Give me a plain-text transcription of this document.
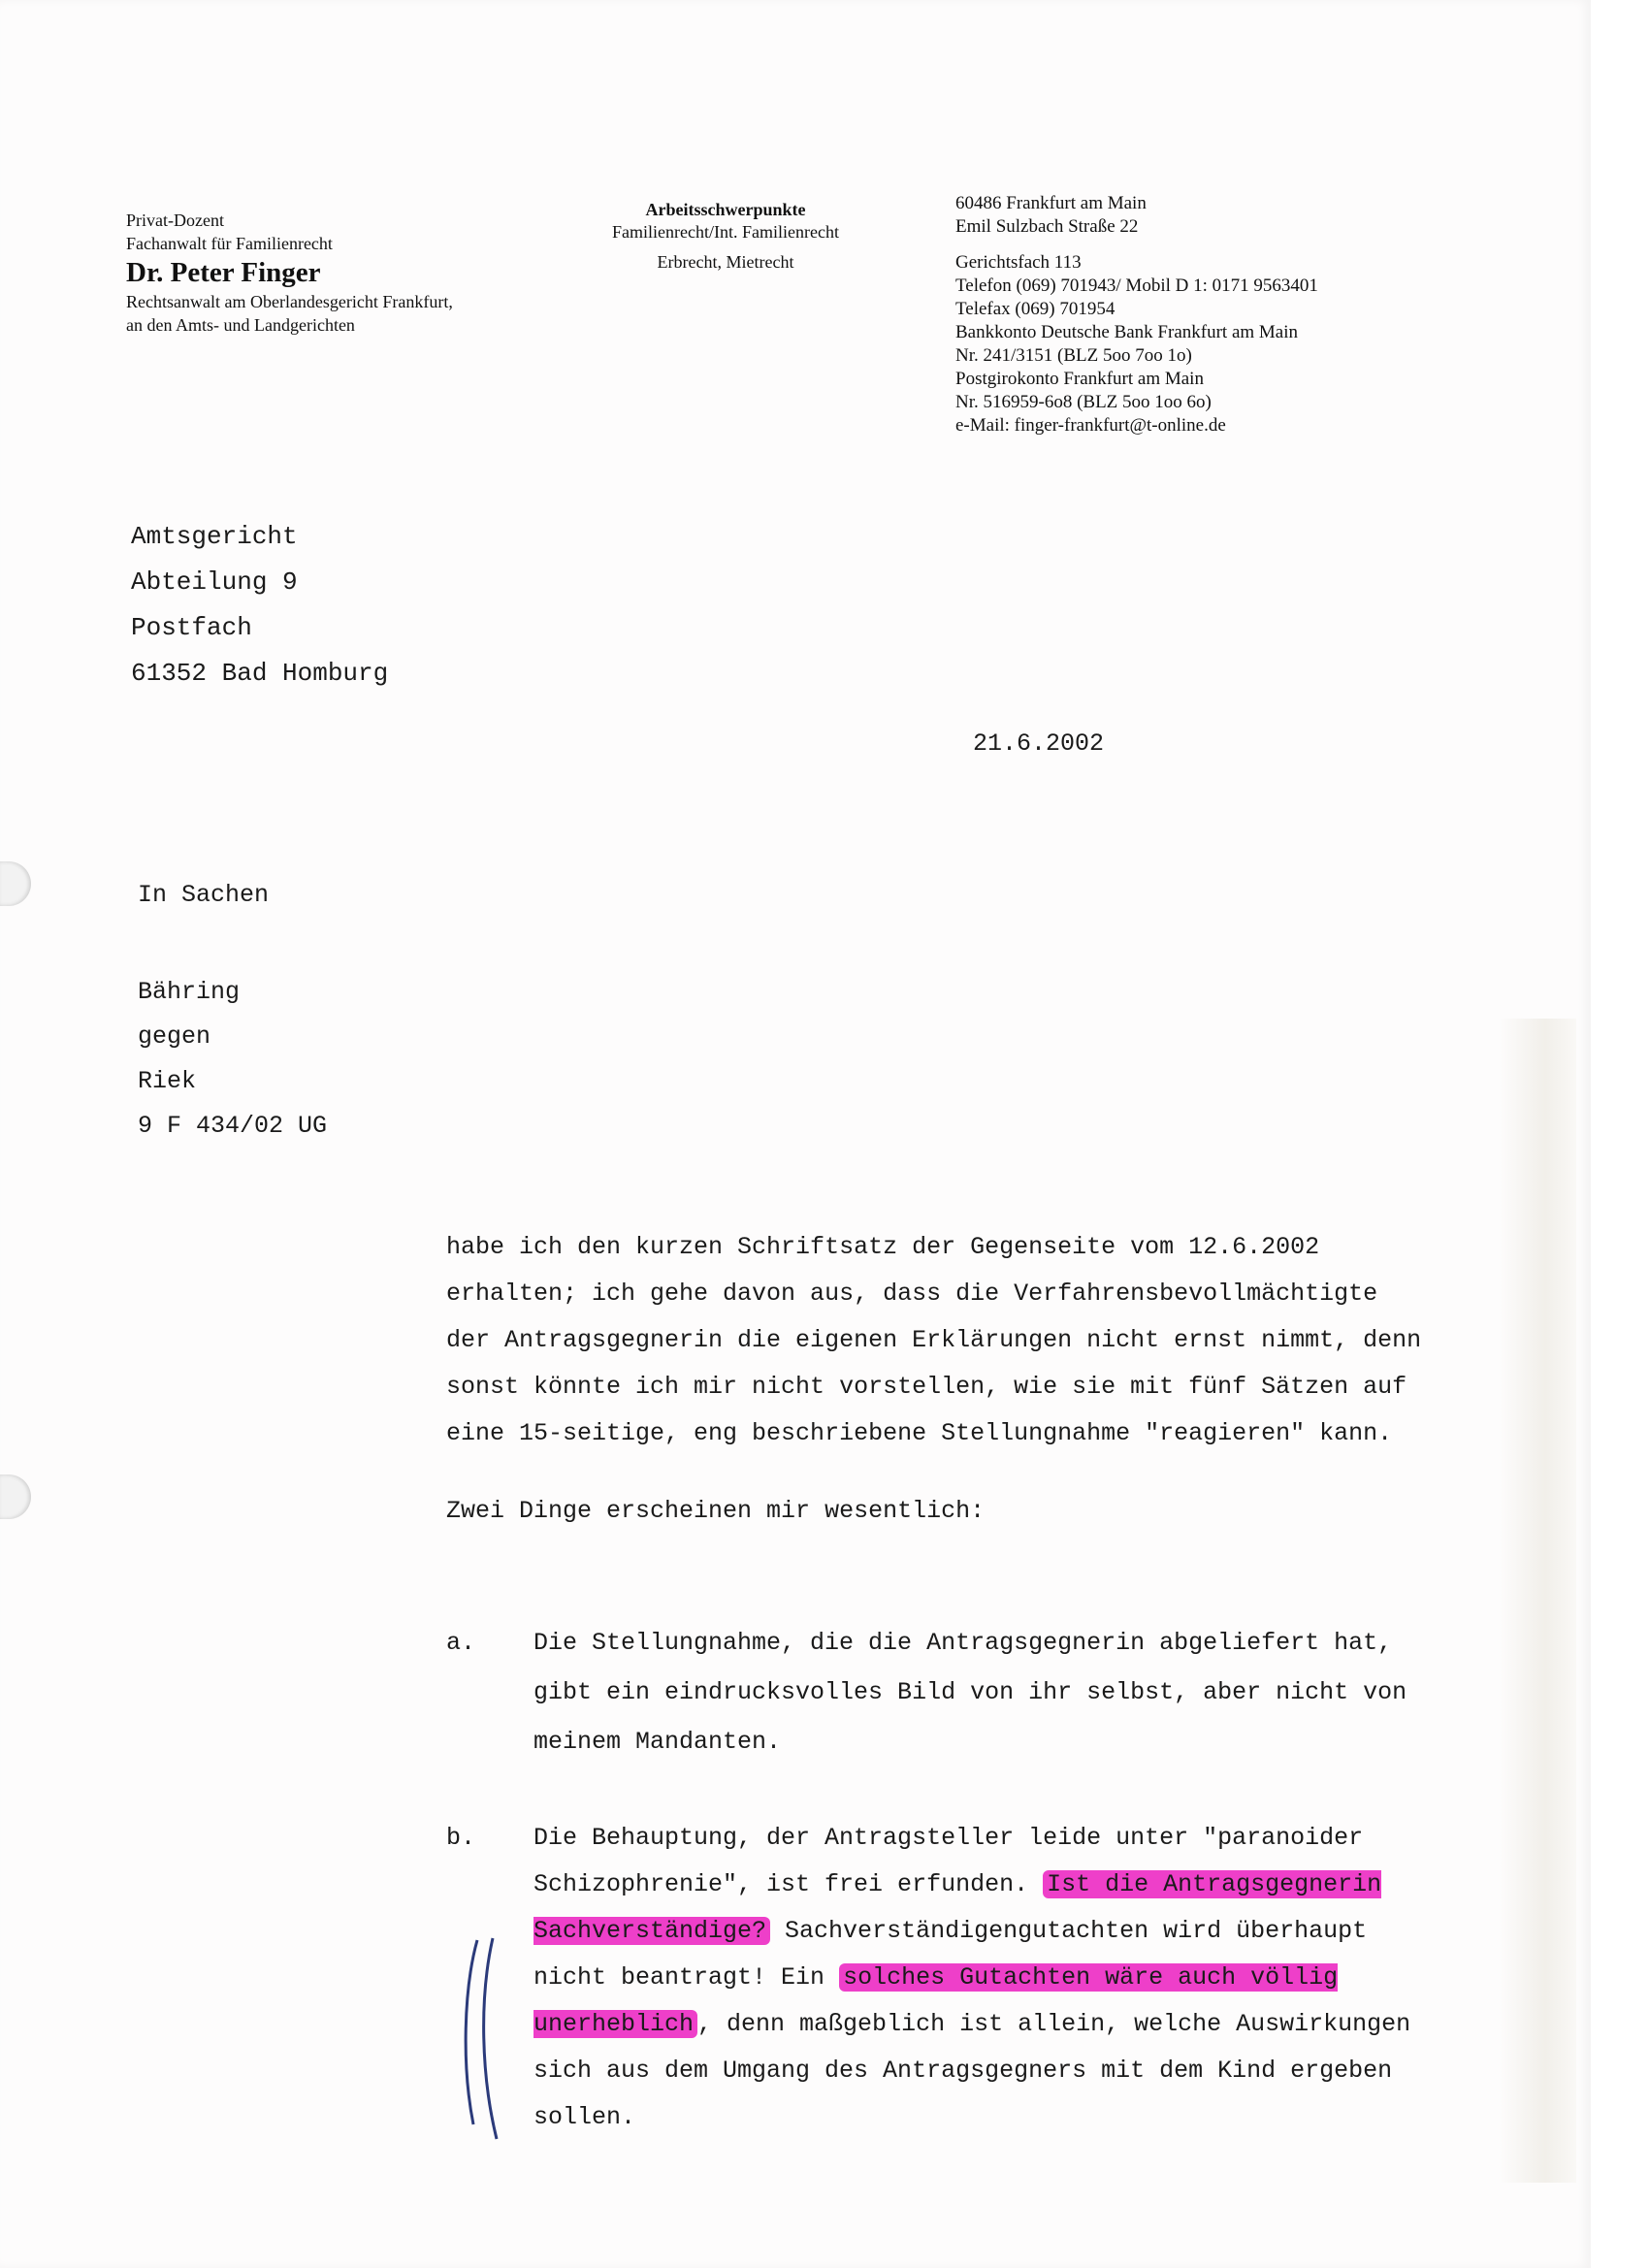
Privat-Dozent
Fachanwalt für Familienrecht
Dr. Peter Finger
Rechtsanwalt am Oberlandesgericht Frankfurt,
an den Amts- und Landgerichten
Arbeitsschwerpunkte
Familienrecht/Int. Familienrecht
Erbrecht, Mietrecht
60486 Frankfurt am Main
Emil Sulzbach Straße 22
Gerichtsfach 113
Telefon (069) 701943/ Mobil D 1: 0171 9563401
Telefax (069) 701954
Bankkonto Deutsche Bank Frankfurt am Main
Nr. 241/3151 (BLZ 5oo 7oo 1o)
Postgirokonto Frankfurt am Main
Nr. 516959-6o8 (BLZ 5oo 1oo 6o)
e-Mail: finger-frankfurt@t-online.de
Amtsgericht
Abteilung 9
Postfach
61352 Bad Homburg
21.6.2002
In Sachen
Bähring
gegen
Riek
9 F 434/02 UG

habe ich den kurzen Schriftsatz der Gegenseite vom 12.6.2002 erhalten; ich gehe davon aus, dass die Verfahrensbevollmächtigte der Antragsgegnerin die eigenen Erklärungen nicht ernst nimmt, denn sonst könnte ich mir nicht vorstellen, wie sie mit fünf Sätzen auf eine 15-seitige, eng beschriebene Stellungnahme "reagieren" kann.

Zwei Dinge erscheinen mir wesentlich:

a.	Die Stellungnahme, die die Antragsgegnerin abgeliefert hat, gibt ein eindrucksvolles Bild von ihr selbst, aber nicht von meinem Mandanten.
b.	Die Behauptung, der Antragsteller leide unter "paranoider Schizophrenie", ist frei erfunden. Ist die Antragsgegnerin Sachverständige? Sachverständigengutachten wird überhaupt nicht beantragt! Ein solches Gutachten wäre auch völlig unerheblich , denn maßgeblich ist allein, welche Auswirkungen sich aus dem Umgang des Antragsgegners mit dem Kind ergeben sollen.
